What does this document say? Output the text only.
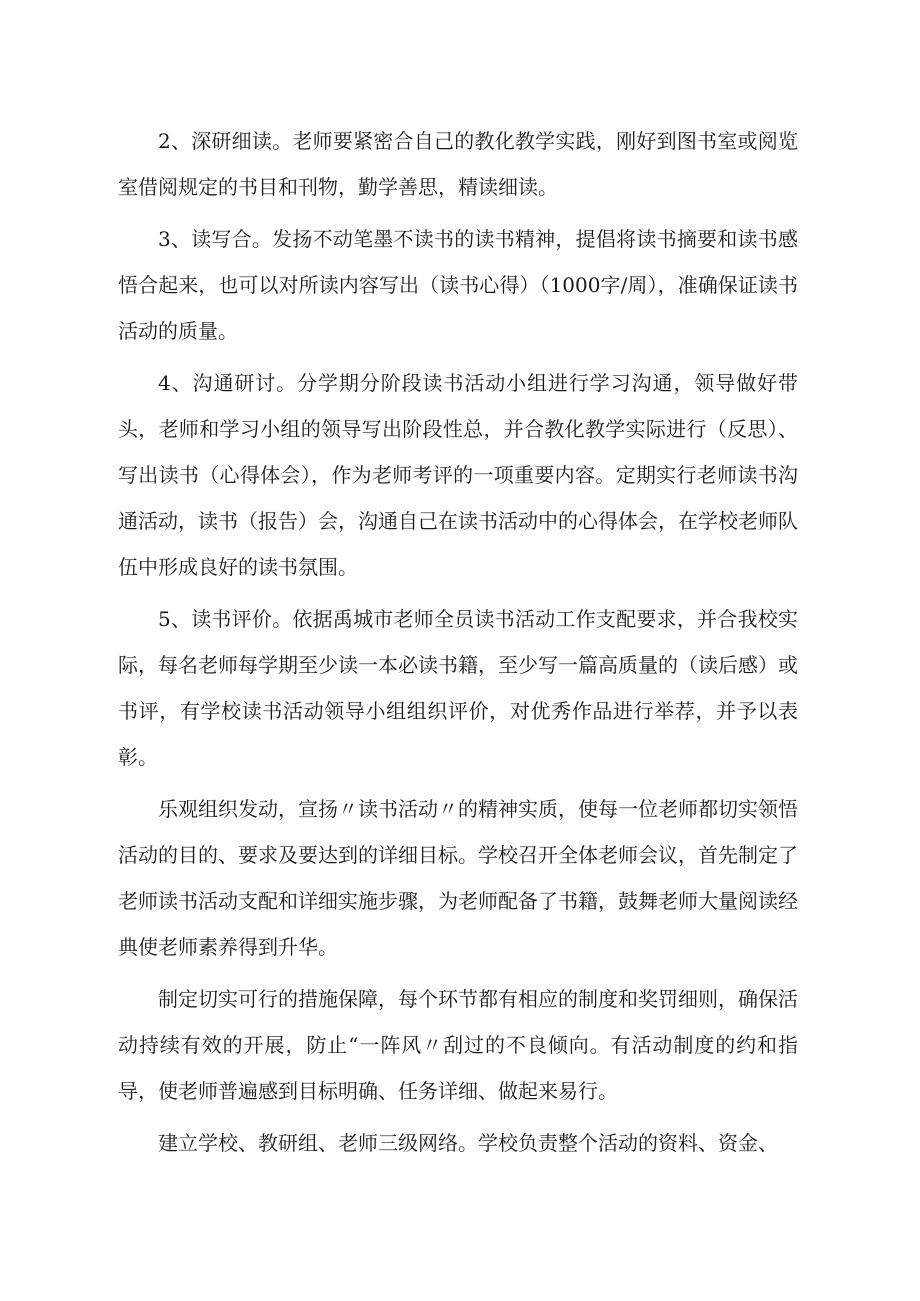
2、深研细读。老师要紧密合自己的教化教学实践，刚好到图书室或阅览室借阅规定的书目和刊物，勤学善思，精读细读。

3、读写合。发扬不动笔墨不读书的读书精神，提倡将读书摘要和读书感悟合起来，也可以对所读内容写出（读书心得）（1000字/周），准确保证读书活动的质量。

4、沟通研讨。分学期分阶段读书活动小组进行学习沟通，领导做好带头，老师和学习小组的领导写出阶段性总，并合教化教学实际进行（反思）、写出读书（心得体会），作为老师考评的一项重要内容。定期实行老师读书沟通活动，读书（报告）会，沟通自己在读书活动中的心得体会，在学校老师队伍中形成良好的读书氛围。

5、读书评价。依据禹城市老师全员读书活动工作支配要求，并合我校实际，每名老师每学期至少读一本必读书籍，至少写一篇高质量的（读后感）或书评，有学校读书活动领导小组组织评价，对优秀作品进行举荐，并予以表彰。

乐观组织发动，宣扬〃读书活动〃的精神实质，使每一位老师都切实领悟活动的目的、要求及要达到的详细目标。学校召开全体老师会议，首先制定了老师读书活动支配和详细实施步骤，为老师配备了书籍，鼓舞老师大量阅读经典使老师素养得到升华。

制定切实可行的措施保障，每个环节都有相应的制度和奖罚细则，确保活动持续有效的开展，防止“一阵风〃刮过的不良倾向。有活动制度的约和指导，使老师普遍感到目标明确、任务详细、做起来易行。

建立学校、教研组、老师三级网络。学校负责整个活动的资料、资金、
